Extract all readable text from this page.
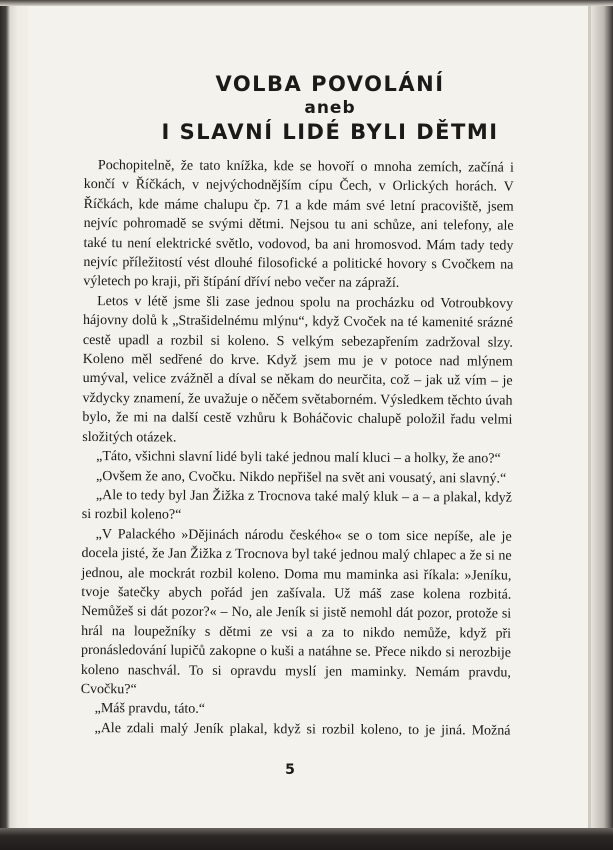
VOLBA POVOLÁNÍ
aneb
I SLAVNÍ LIDÉ BYLI DĚTMI

Pochopitelně, že tato knížka, kde se hovoří o mnoha zemích, začíná i končí v Říčkách, v nejvýchodnějším cípu Čech, v Orlických horách. V Říčkách, kde máme chalupu čp. 71 a kde mám své letní pracoviště, jsem nejvíc pohromadě se svými dětmi. Nejsou tu ani schůze, ani telefony, ale také tu není elektrické světlo, vodovod, ba ani hromosvod. Mám tady tedy nejvíc příležitostí vést dlouhé filosofické a politické hovory s Cvočkem na výletech po kraji, při štípání dříví nebo večer na zápraží.

Letos v létě jsme šli zase jednou spolu na procházku od Votroubkovy hájovny dolů k „Strašidelnému mlýnu“, když Cvoček na té kamenité srázné cestě upadl a rozbil si koleno. S velkým sebezapřením zadržoval slzy. Koleno měl sedřené do krve. Když jsem mu je v potoce nad mlýnem umýval, velice zvážněl a díval se někam do neurčita, což – jak už vím – je vždycky znamení, že uvažuje o něčem světaborném. Výsledkem těchto úvah bylo, že mi na další cestě vzhůru k Boháčovic chalupě položil řadu velmi složitých otázek.

„Táto, všichni slavní lidé byli také jednou malí kluci – a holky, že ano?“

„Ovšem že ano, Cvočku. Nikdo nepřišel na svět ani vousatý, ani slavný.“

„Ale to tedy byl Jan Žižka z Trocnova také malý kluk – a – a plakal, když si rozbil koleno?“

„V Palackého »Dějinách národu českého« se o tom sice nepíše, ale je docela jisté, že Jan Žižka z Trocnova byl také jednou malý chlapec a že si ne jednou, ale mockrát rozbil koleno. Doma mu maminka asi říkala: »Jeníku, tvoje šatečky abych pořád jen zašívala. Už máš zase kolena rozbitá. Nemůžeš si dát pozor?« – No, ale Jeník si jistě nemohl dát pozor, protože si hrál na loupežníky s dětmi ze vsi a za to nikdo nemůže, když při pronásledování lupičů zakopne o kuši a natáhne se. Přece nikdo si nerozbije koleno naschvál. To si opravdu myslí jen maminky. Nemám pravdu, Cvočku?“

„Máš pravdu, táto.“

„Ale zdali malý Jeník plakal, když si rozbil koleno, to je jiná. Možná

5
